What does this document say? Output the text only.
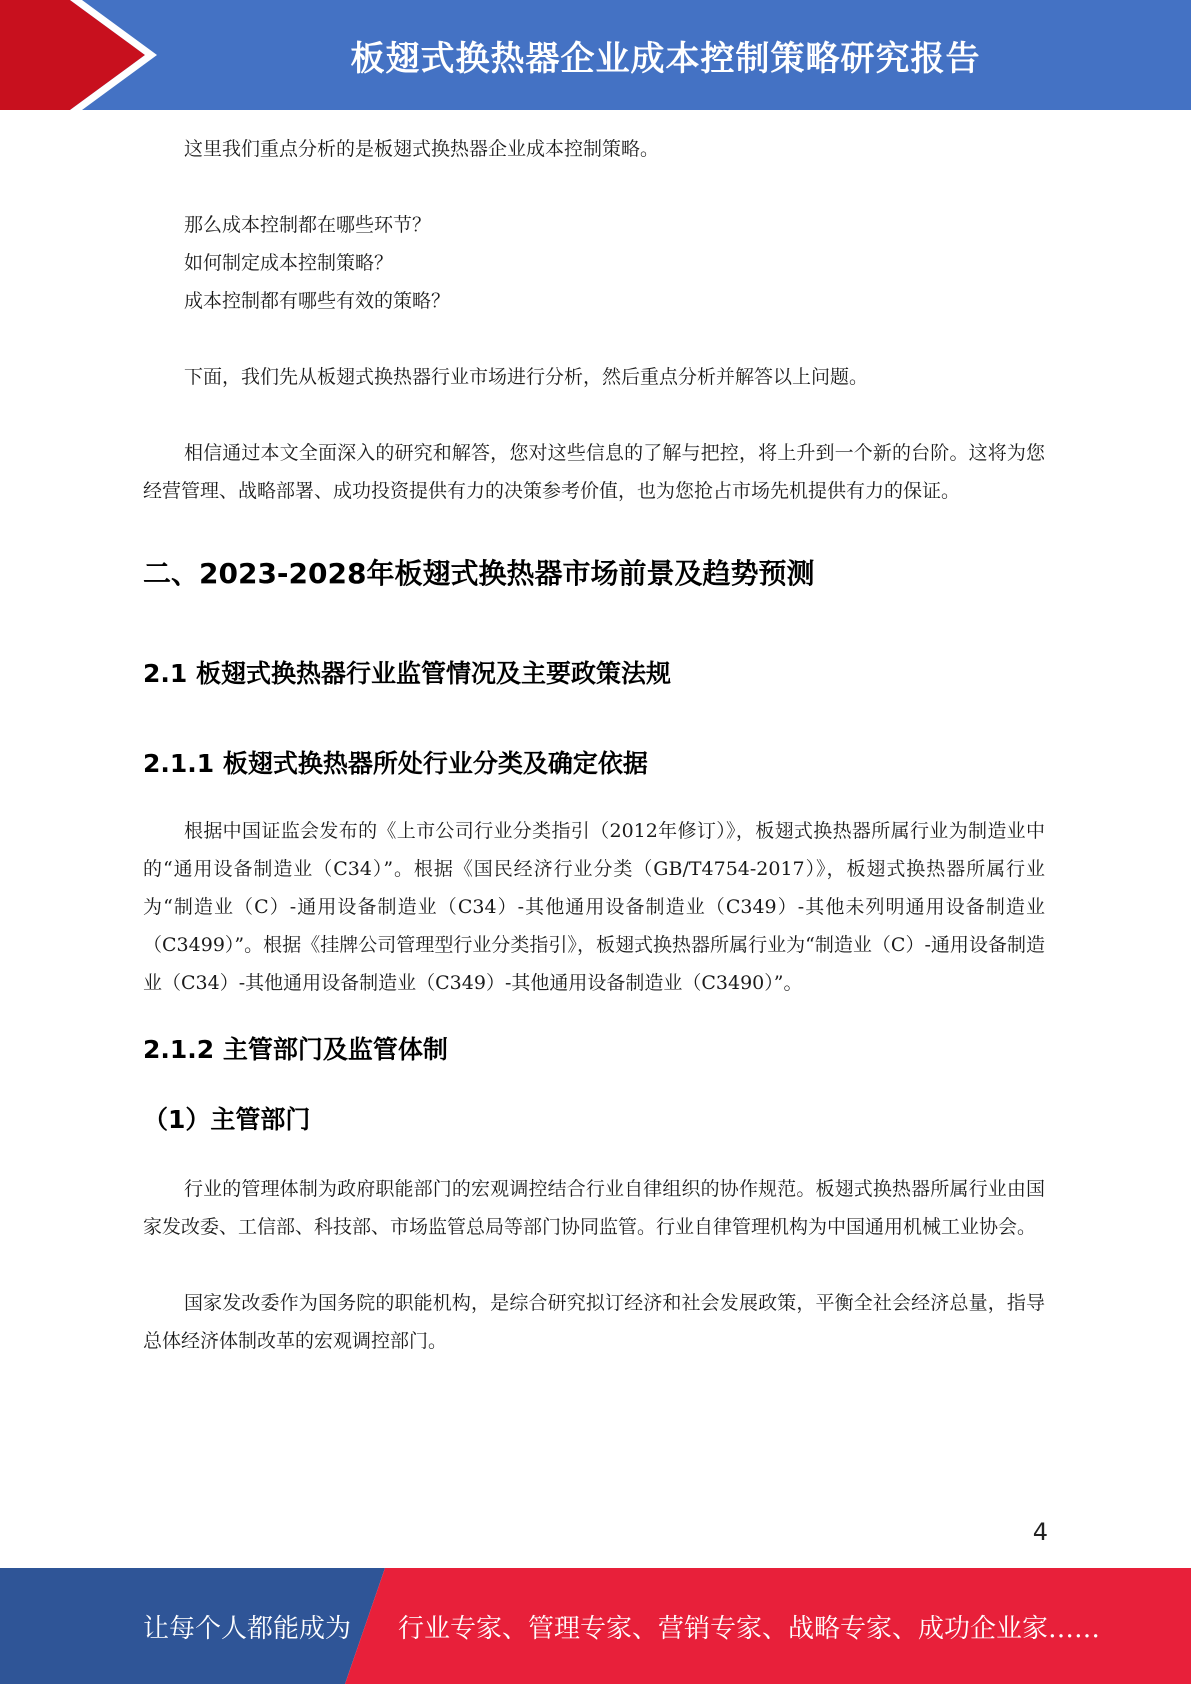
板翅式换热器企业成本控制策略研究报告

这里我们重点分析的是板翅式换热器企业成本控制策略。

那么成本控制都在哪些环节？

如何制定成本控制策略？

成本控制都有哪些有效的策略？

下面，我们先从板翅式换热器行业市场进行分析，然后重点分析并解答以上问题。

相信通过本文全面深入的研究和解答，您对这些信息的了解与把控，将上升到一个新的台阶。这将为您经营管理、战略部署、成功投资提供有力的决策参考价值，也为您抢占市场先机提供有力的保证。

二、2023-2028年板翅式换热器市场前景及趋势预测
2.1 板翅式换热器行业监管情况及主要政策法规
2.1.1 板翅式换热器所处行业分类及确定依据

根据中国证监会发布的《上市公司行业分类指引（2012年修订）》，板翅式换热器所属行业为制造业中的“通用设备制造业（C34）”。根据《国民经济行业分类（GB/T4754-2017）》，板翅式换热器所属行业为“制造业（C）-通用设备制造业（C34）-其他通用设备制造业（C349）-其他未列明通用设备制造业（C3499）”。根据《挂牌公司管理型行业分类指引》，板翅式换热器所属行业为“制造业（C）-通用设备制造业（C34）-其他通用设备制造业（C349）-其他通用设备制造业（C3490）”。

2.1.2 主管部门及监管体制
（1）主管部门

行业的管理体制为政府职能部门的宏观调控结合行业自律组织的协作规范。板翅式换热器所属行业由国家发改委、工信部、科技部、市场监管总局等部门协同监管。行业自律管理机构为中国通用机械工业协会。

国家发改委作为国务院的职能机构，是综合研究拟订经济和社会发展政策，平衡全社会经济总量，指导总体经济体制改革的宏观调控部门。

4
让每个人都能成为 行业专家、管理专家、营销专家、战略专家、成功企业家……
